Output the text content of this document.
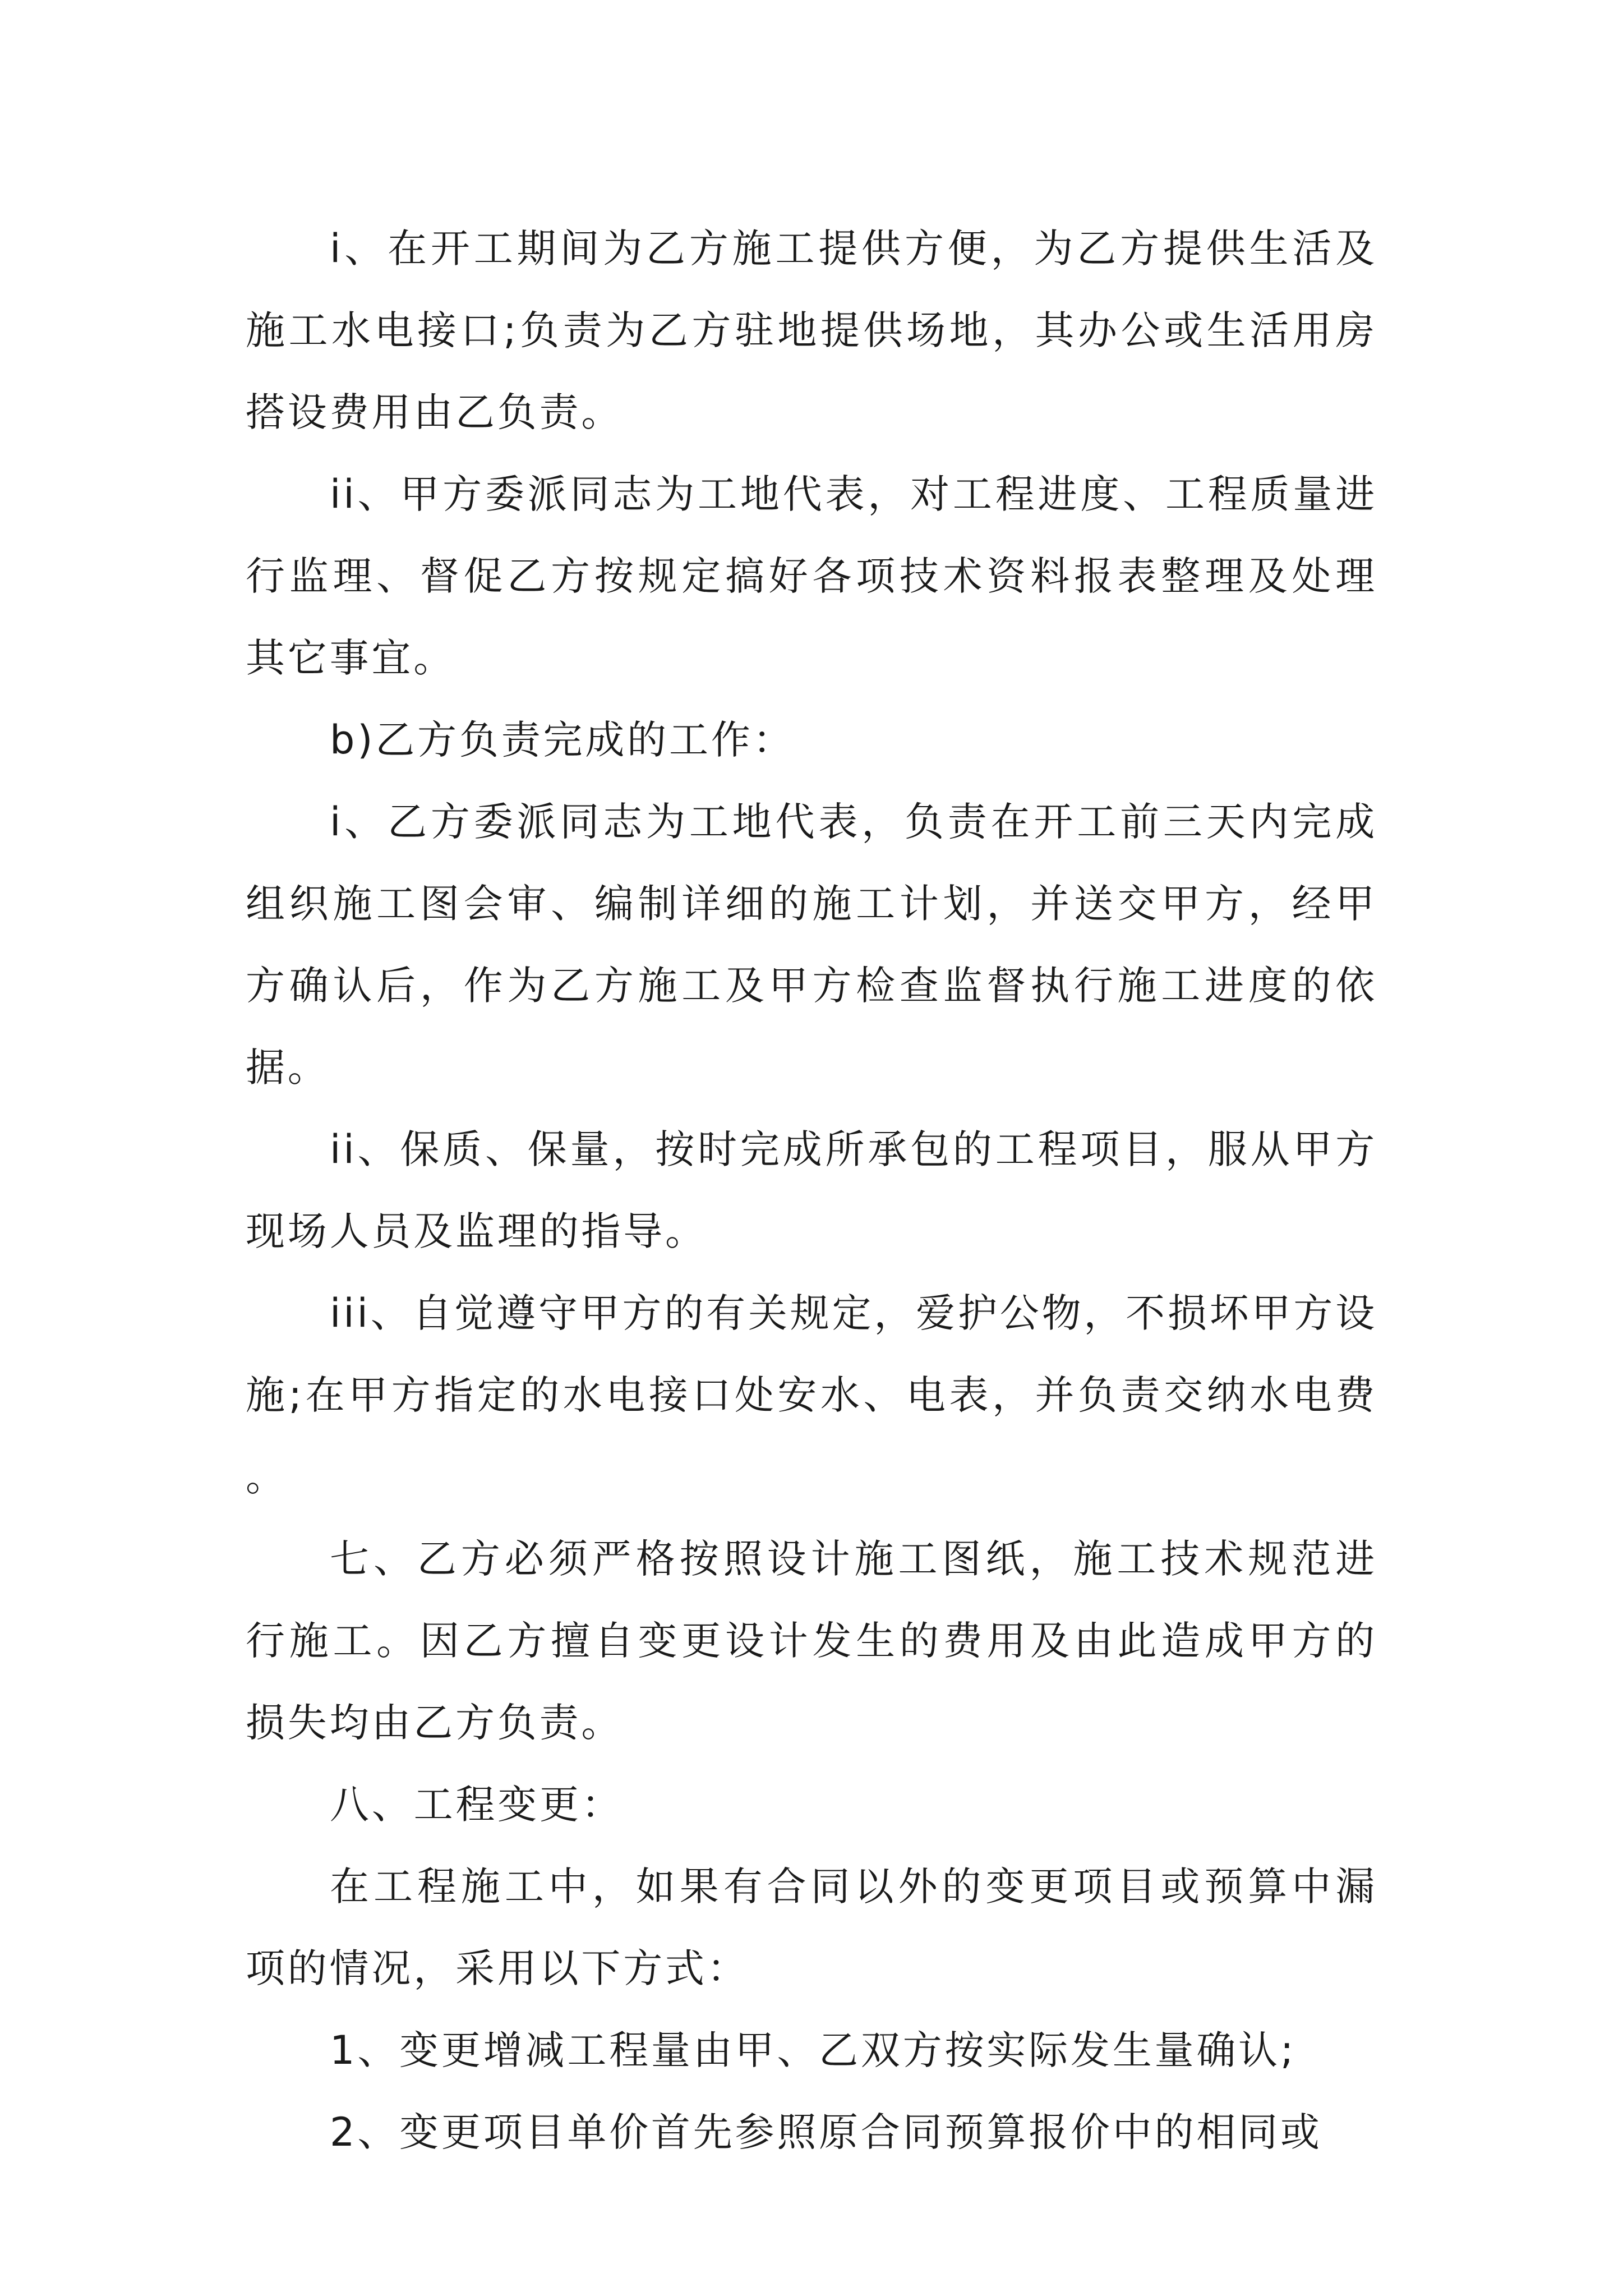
i、在开工期间为乙方施工提供方便，为乙方提供生活及施工水电接口;负责为乙方驻地提供场地，其办公或生活用房搭设费用由乙负责。

ii、甲方委派同志为工地代表，对工程进度、工程质量进行监理、督促乙方按规定搞好各项技术资料报表整理及处理其它事宜。

b)乙方负责完成的工作：

i、乙方委派同志为工地代表，负责在开工前三天内完成组织施工图会审、编制详细的施工计划，并送交甲方，经甲方确认后，作为乙方施工及甲方检查监督执行施工进度的依据。

ii、保质、保量，按时完成所承包的工程项目，服从甲方现场人员及监理的指导。

iii、自觉遵守甲方的有关规定，爱护公物，不损坏甲方设施;在甲方指定的水电接口处安水、电表，并负责交纳水电费。

七、乙方必须严格按照设计施工图纸，施工技术规范进行施工。因乙方擅自变更设计发生的费用及由此造成甲方的损失均由乙方负责。

八、工程变更：

在工程施工中，如果有合同以外的变更项目或预算中漏项的情况，采用以下方式：

1、变更增减工程量由甲、乙双方按实际发生量确认;

2、变更项目单价首先参照原合同预算报价中的相同或
